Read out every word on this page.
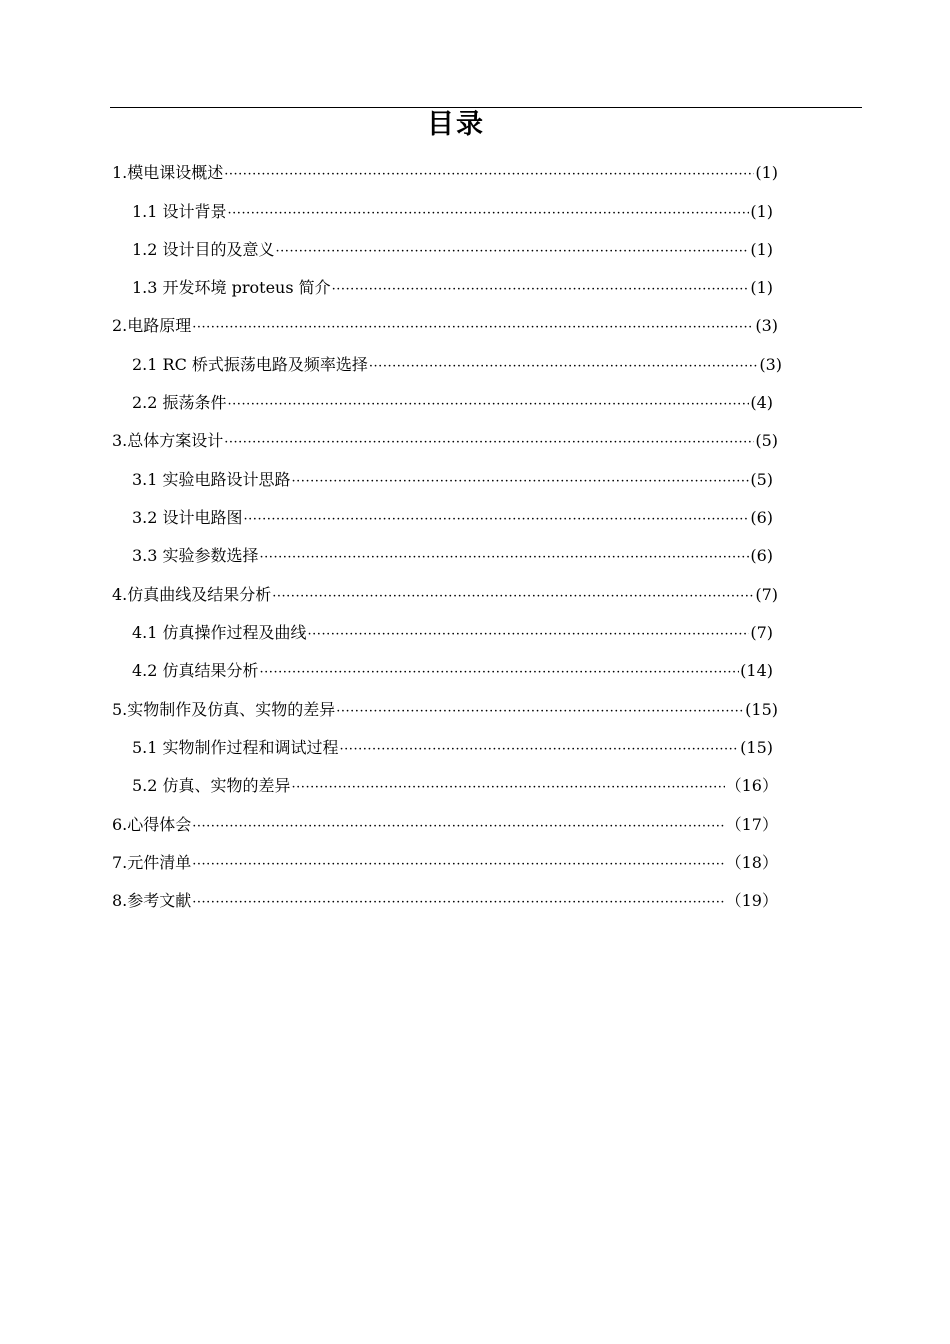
目录
1.模电课设概述 ·····	(1)
1.1 设计背景 ·····	(1)
1.2 设计目的及意义 ·····	(1)
1.3 开发环境 proteus 简介 ·····	(1)
2.电路原理 ·····	(3)
2.1 RC 桥式振荡电路及频率选择 ·····	(3)
2.2 振荡条件 ·····	(4)
3.总体方案设计 ·····	(5)
3.1 实验电路设计思路 ·····	(5)
3.2 设计电路图 ·····	(6)
3.3 实验参数选择 ·····	(6)
4.仿真曲线及结果分析 ·····	(7)
4.1 仿真操作过程及曲线 ·····	(7)
4.2 仿真结果分析 ·····	(14)
5.实物制作及仿真、实物的差异 ·····	(15)
5.1 实物制作过程和调试过程 ·····	(15)
5.2 仿真、实物的差异 ·····	（16）
6.心得体会 ·····	（17）
7.元件清单 ·····	（18）
8.参考文献 ·····	（19）
